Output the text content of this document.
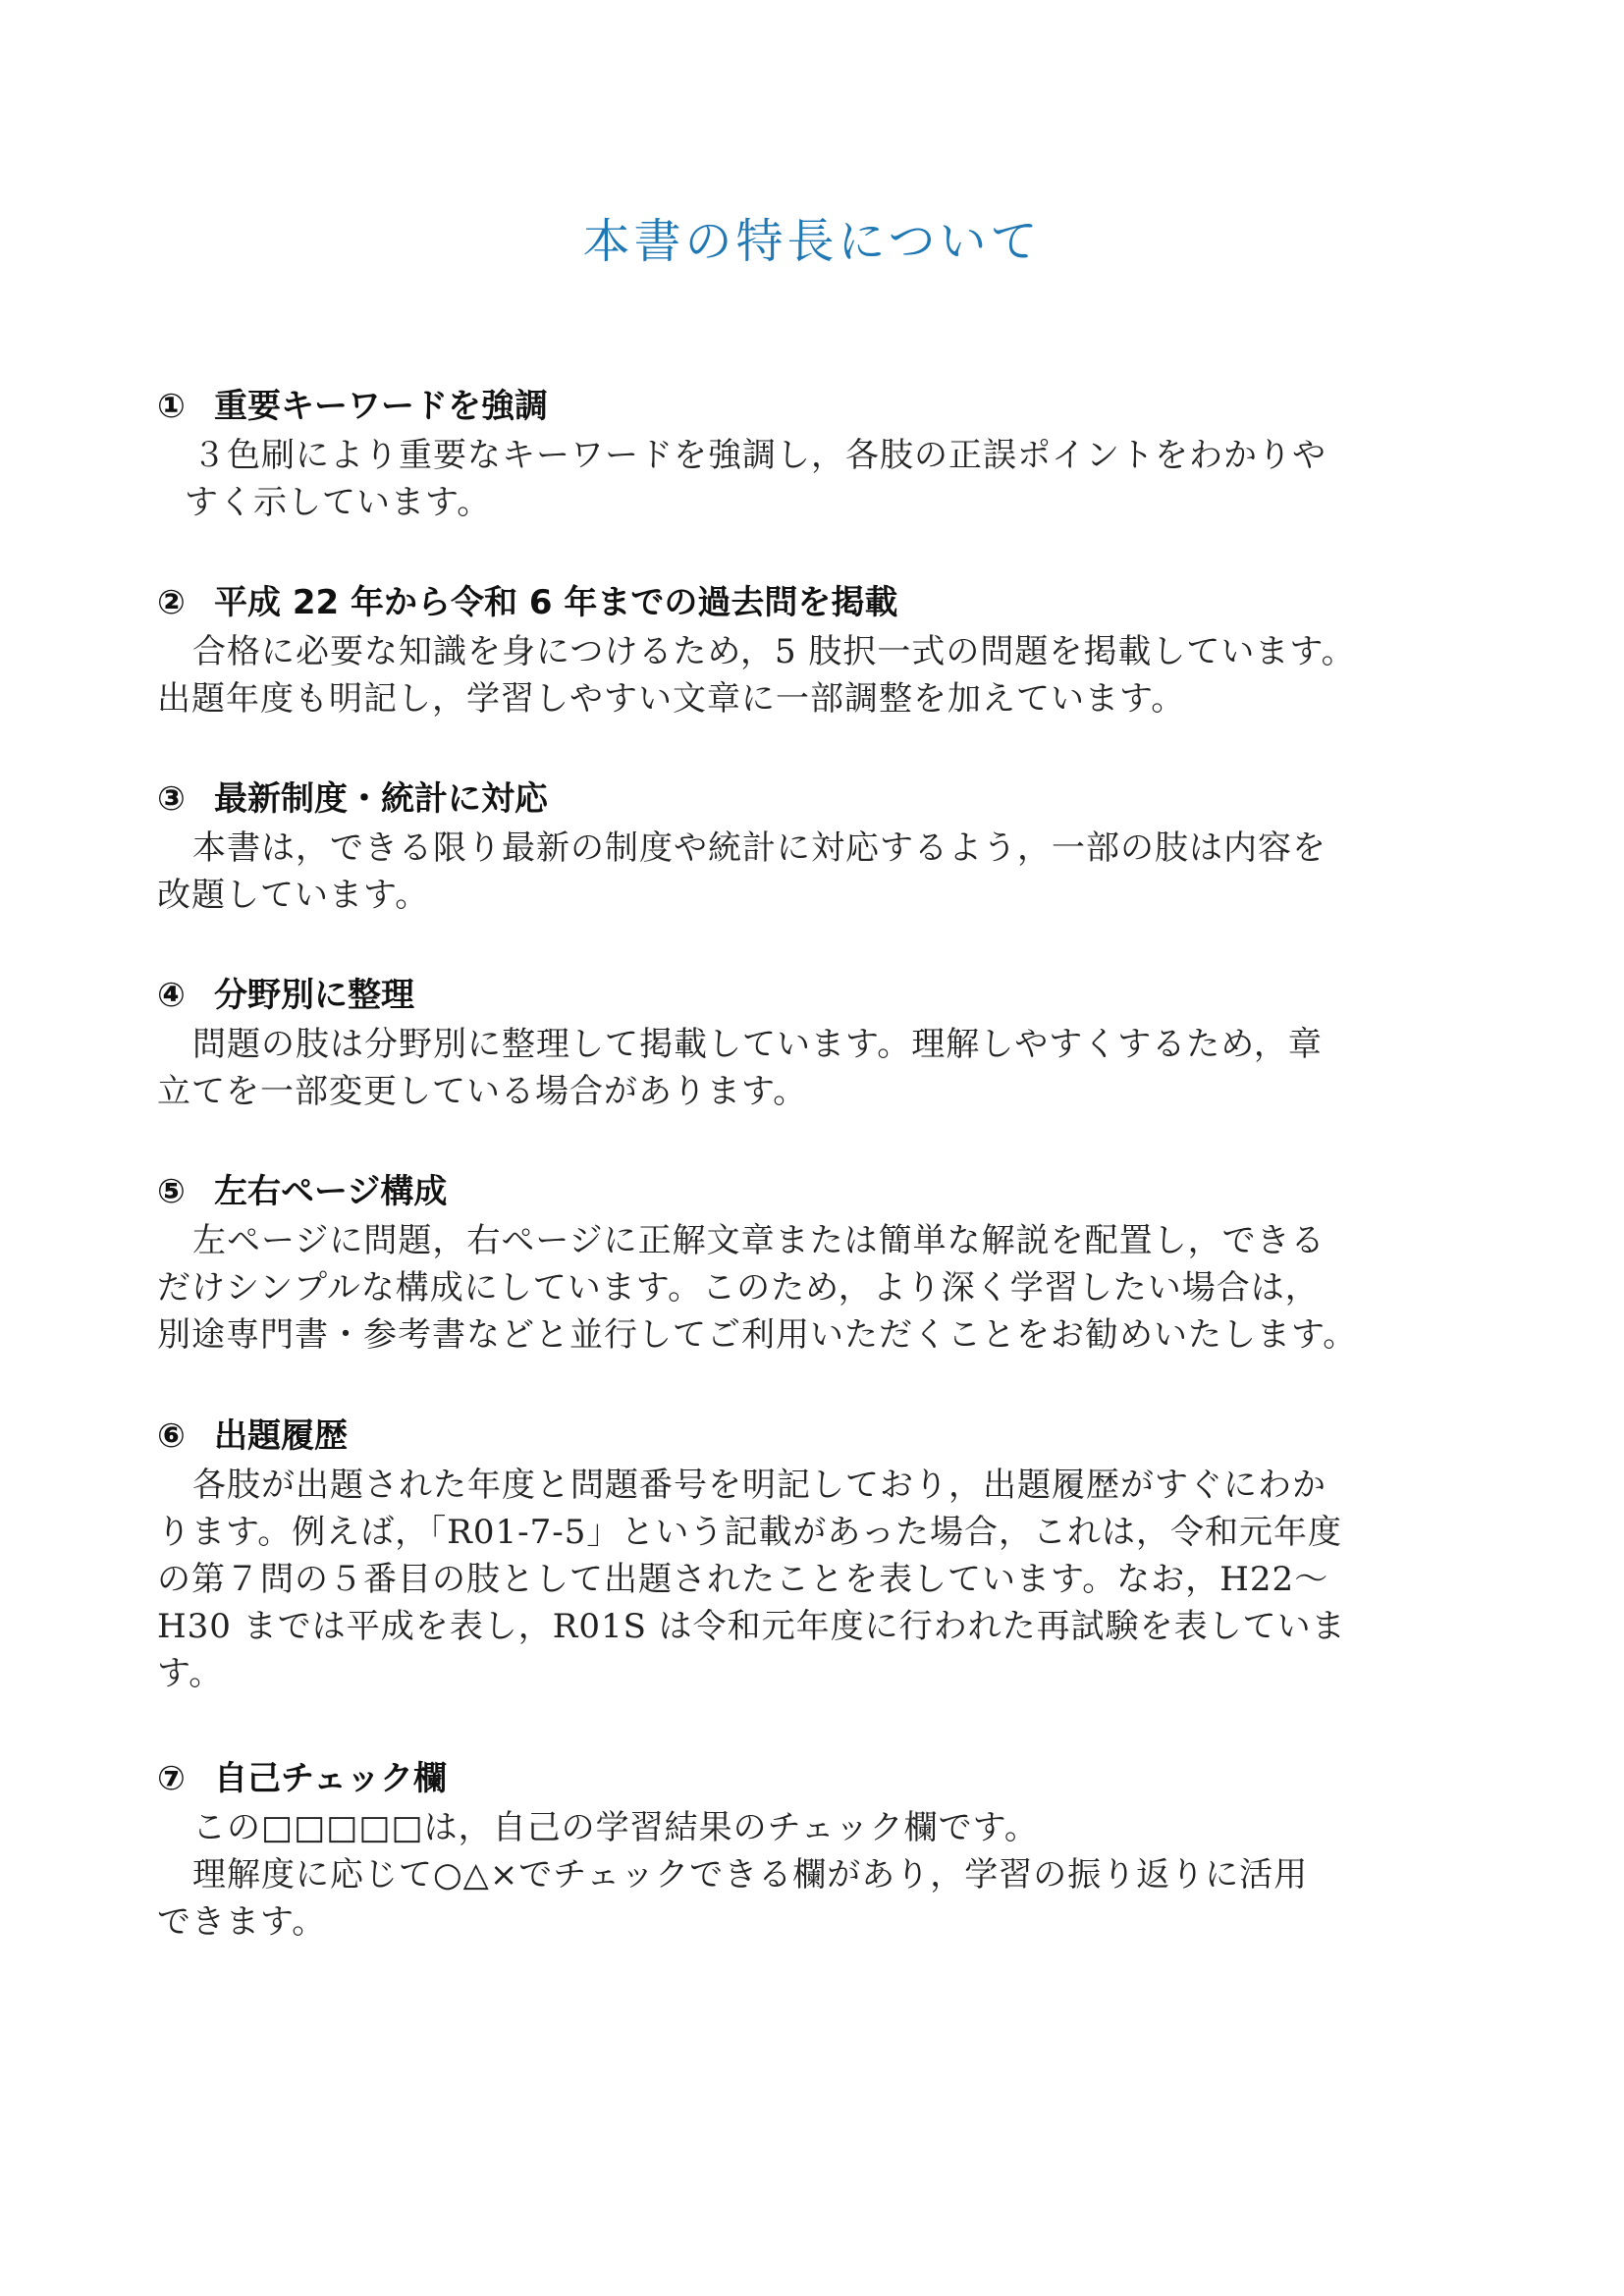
本書の特長について
① 重要キーワードを強調
３色刷により重要なキーワードを強調し，各肢の正誤ポイントをわかりや
すく示しています。
② 平成 22 年から令和 6 年までの過去問を掲載
合格に必要な知識を身につけるため，5 肢択一式の問題を掲載しています。
出題年度も明記し，学習しやすい文章に一部調整を加えています。
③ 最新制度・統計に対応
本書は，できる限り最新の制度や統計に対応するよう，一部の肢は内容を
改題しています。
④ 分野別に整理
問題の肢は分野別に整理して掲載しています。理解しやすくするため，章
立てを一部変更している場合があります。
⑤ 左右ページ構成
左ページに問題，右ページに正解文章または簡単な解説を配置し，できる
だけシンプルな構成にしています。このため，より深く学習したい場合は，
別途専門書・参考書などと並行してご利用いただくことをお勧めいたします。
⑥ 出題履歴
各肢が出題された年度と問題番号を明記しており，出題履歴がすぐにわか
ります。例えば，「R01-7-5」という記載があった場合，これは，令和元年度
の第７問の５番目の肢として出題されたことを表しています。なお，H22〜
H30 までは平成を表し，R01S は令和元年度に行われた再試験を表していま
す。
⑦ 自己チェック欄
この□□□□□は，自己の学習結果のチェック欄です。
理解度に応じて○△×でチェックできる欄があり，学習の振り返りに活用
できます。
